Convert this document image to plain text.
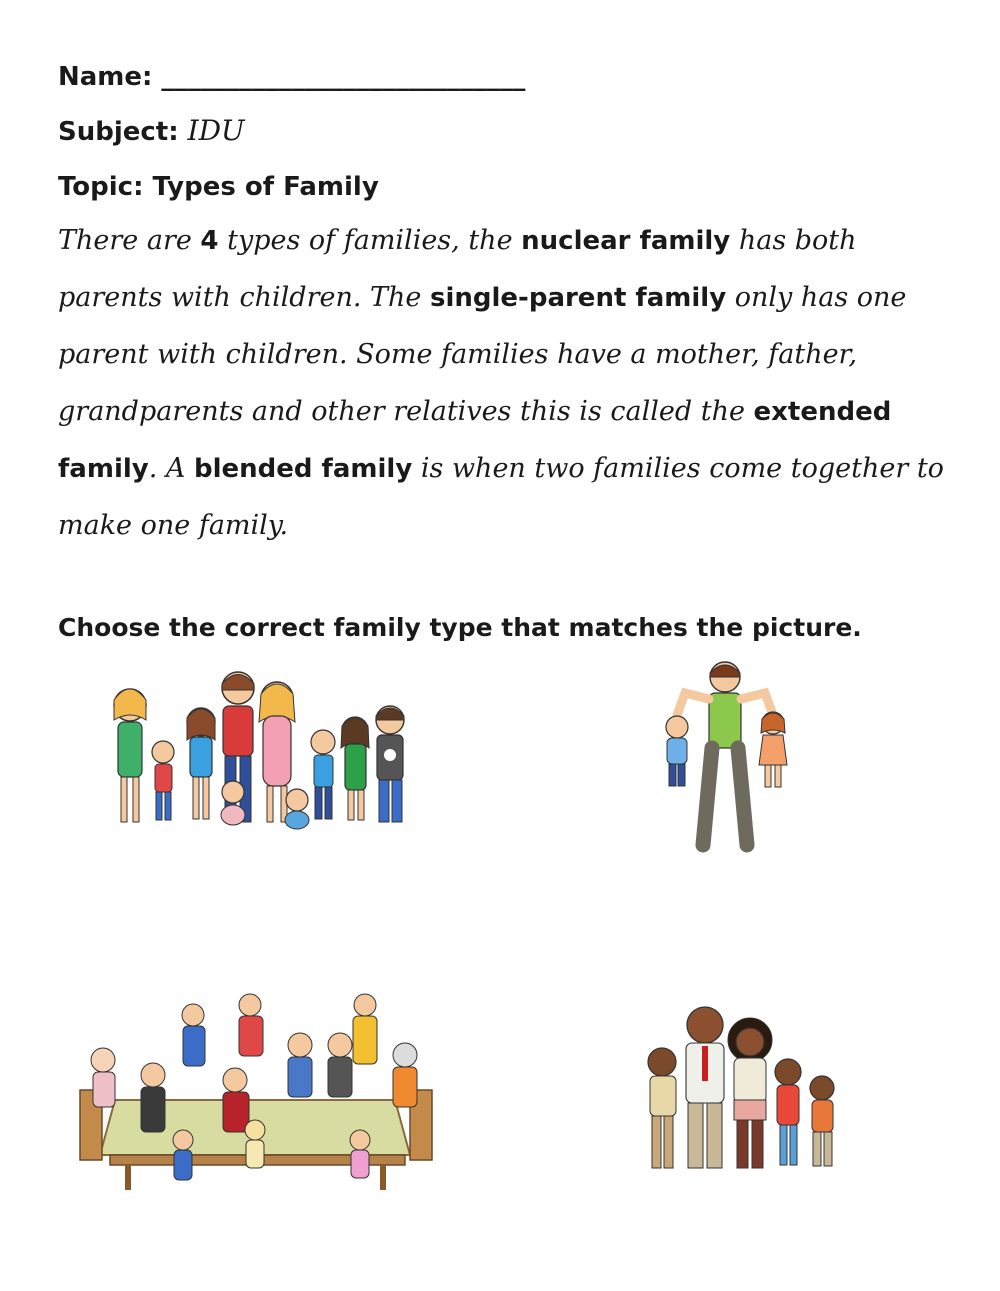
Name: ____________________________
Subject: IDU
Topic: Types of Family
There are 4 types of families, the nuclear family has both
parents with children. The single-parent family only has one
parent with children. Some families have a mother, father,
grandparents and other relatives this is called the extended
family. A blended family is when two families come together to
make one family.
Choose the correct family type that matches the picture.
